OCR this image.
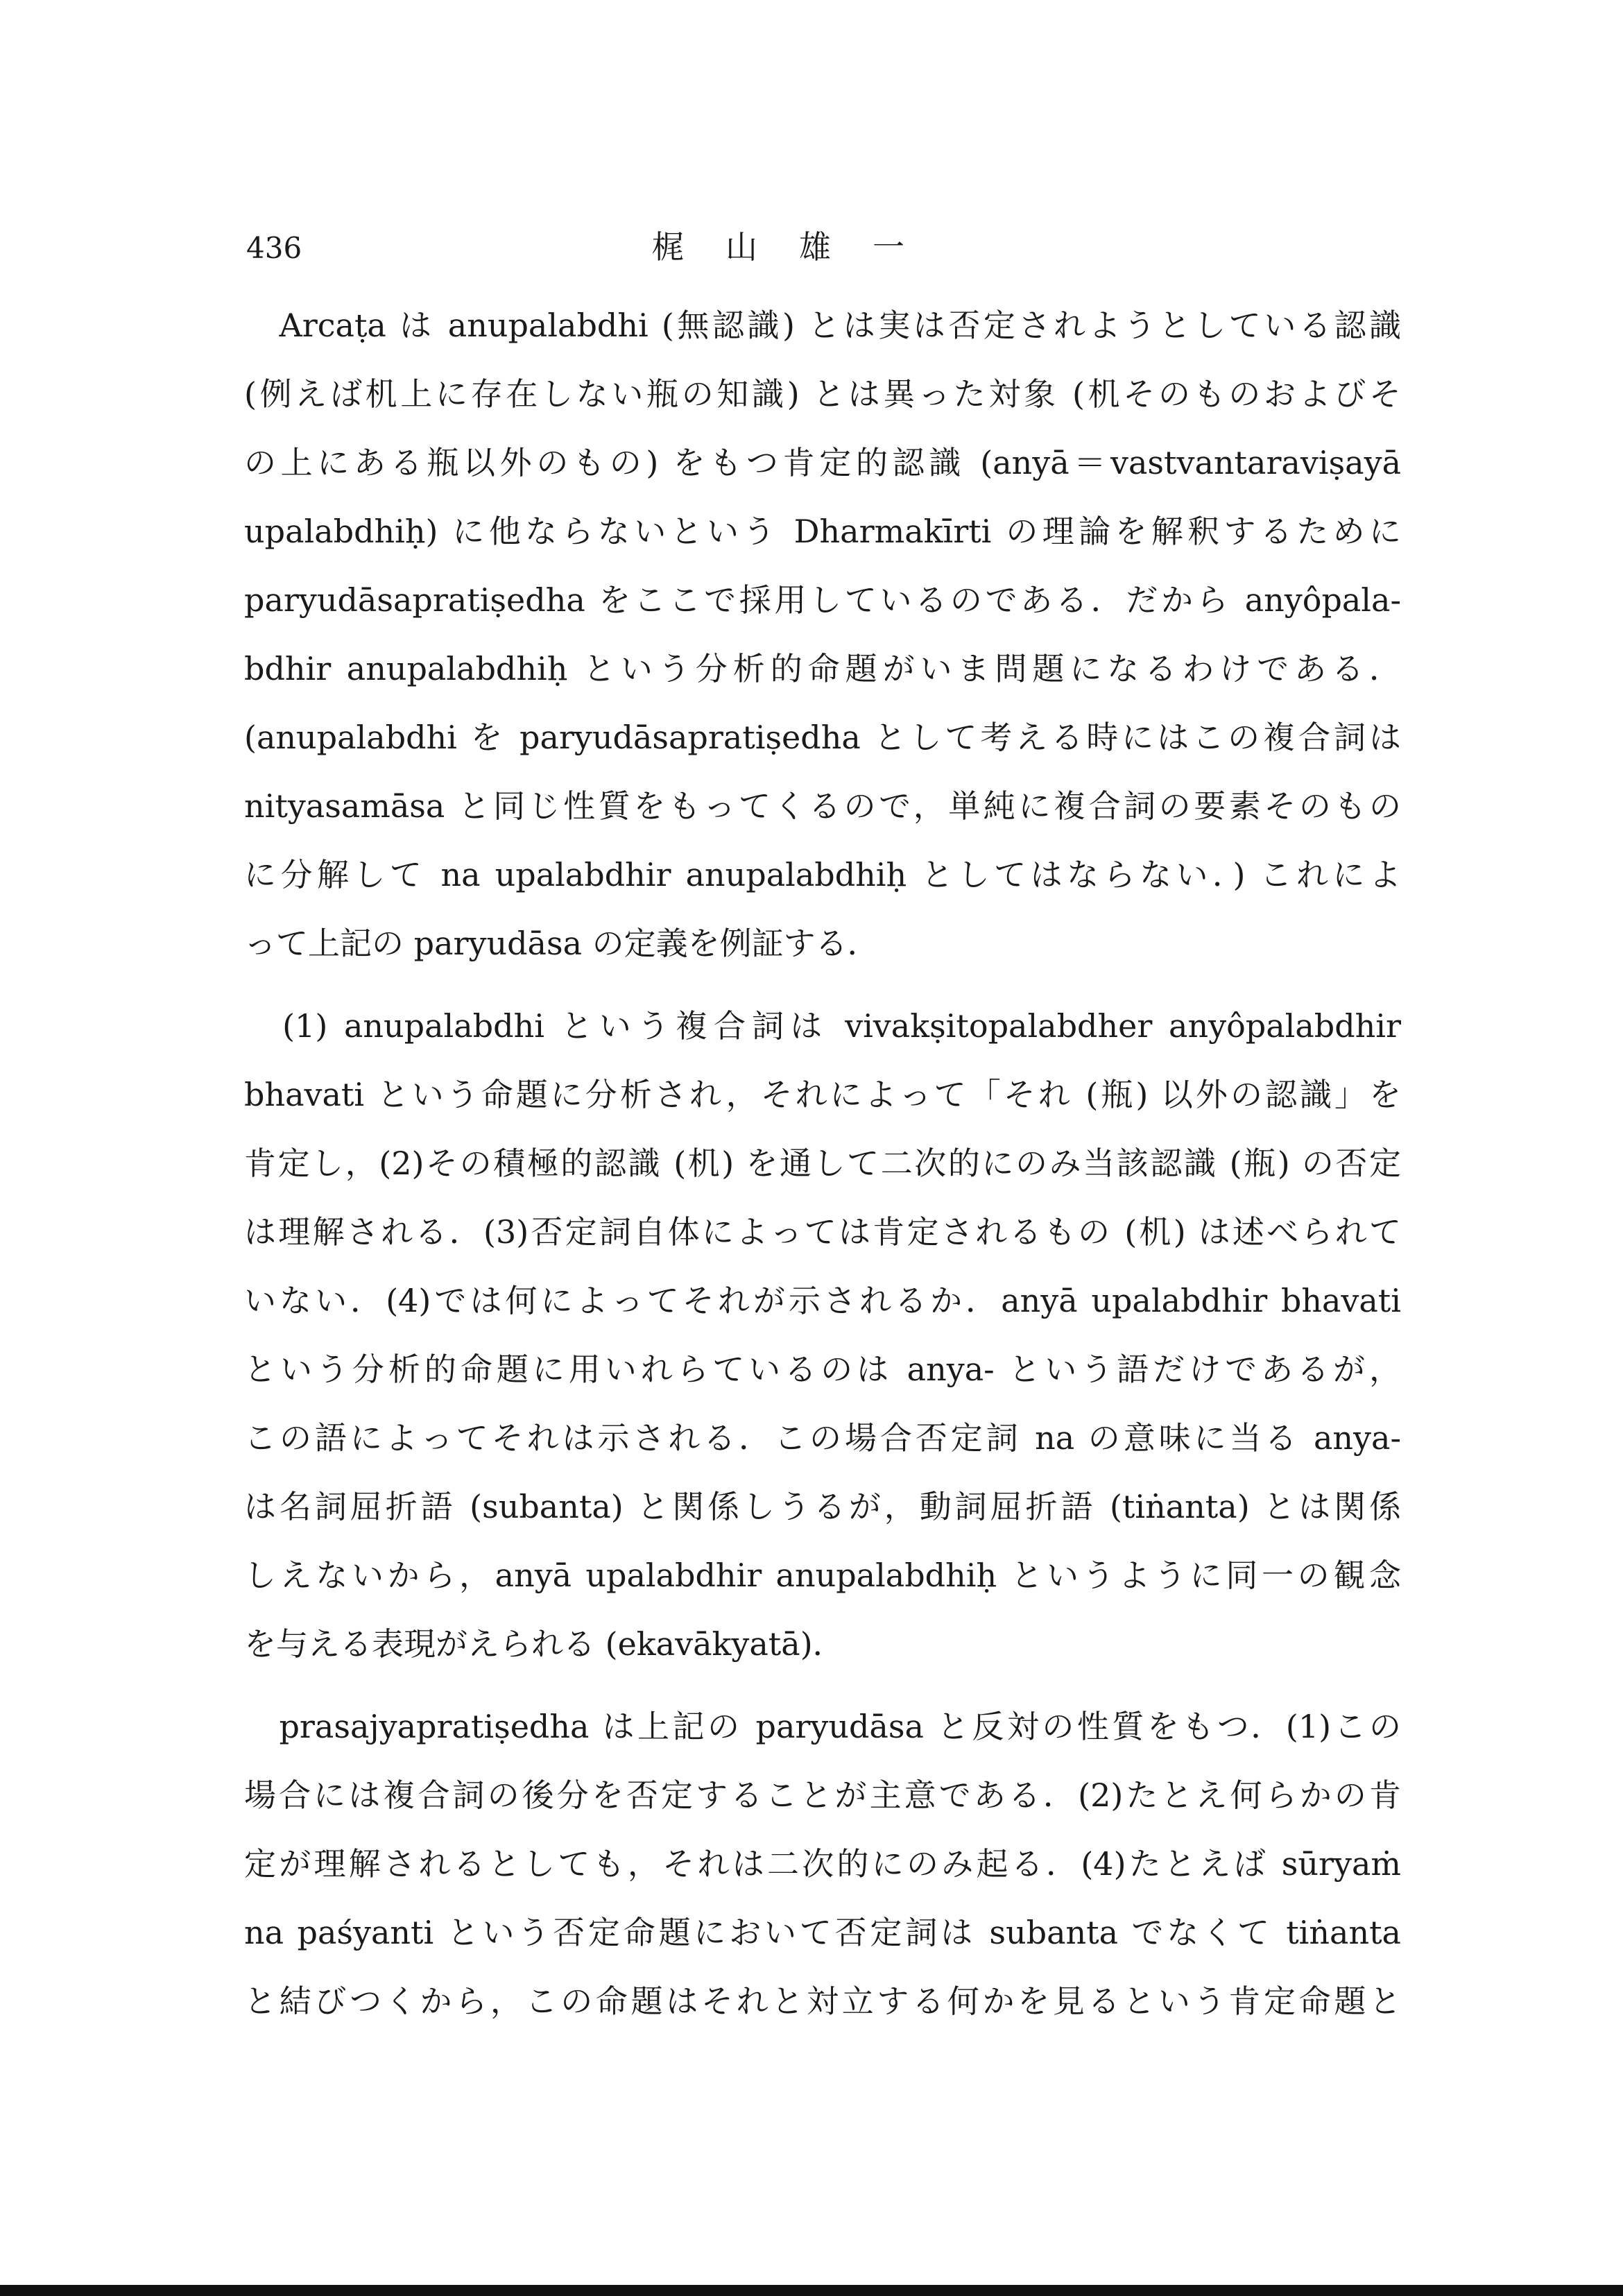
436	梶山雄一
　Arcaṭa は anupalabdhi (無認識) とは実は否定されようとしている認識
(例えば机上に存在しない瓶の知識) とは異った対象 (机そのものおよびそ
の上にある瓶以外のもの) をもつ肯定的認識 (anyā＝vastvantaraviṣayā
upalabdhiḥ) に他ならないという Dharmakīrti の理論を解釈するために
paryudāsapratiṣedha をここで採用しているのである．だから anyôpala-
bdhir anupalabdhiḥ という分析的命題がいま問題になるわけである．
(anupalabdhi を paryudāsapratiṣedha として考える時にはこの複合詞は
nityasamāsa と同じ性質をもってくるので，単純に複合詞の要素そのもの
に分解して na upalabdhir anupalabdhiḥ としてはならない．) これによ
って上記の paryudāsa の定義を例証する．
　(1) anupalabdhi という複合詞は vivakṣitopalabdher anyôpalabdhir
bhavati という命題に分析され，それによって「それ (瓶) 以外の認識」を
肯定し，(2)その積極的認識 (机) を通して二次的にのみ当該認識 (瓶) の否定
は理解される．(3)否定詞自体によっては肯定されるもの (机) は述べられて
いない．(4)では何によってそれが示されるか．anyā upalabdhir bhavati
という分析的命題に用いれらているのは anya- という語だけであるが，
この語によってそれは示される．この場合否定詞 na の意味に当る anya-
は名詞屈折語 (subanta) と関係しうるが，動詞屈折語 (tiṅanta) とは関係
しえないから，anyā upalabdhir anupalabdhiḥ というように同一の観念
を与える表現がえられる (ekavākyatā)．
　prasajyapratiṣedha は上記の paryudāsa と反対の性質をもつ．(1)この
場合には複合詞の後分を否定することが主意である．(2)たとえ何らかの肯
定が理解されるとしても，それは二次的にのみ起る．(4)たとえば sūryaṁ
na paśyanti という否定命題において否定詞は subanta でなくて tiṅanta
と結びつくから，この命題はそれと対立する何かを見るという肯定命題と
